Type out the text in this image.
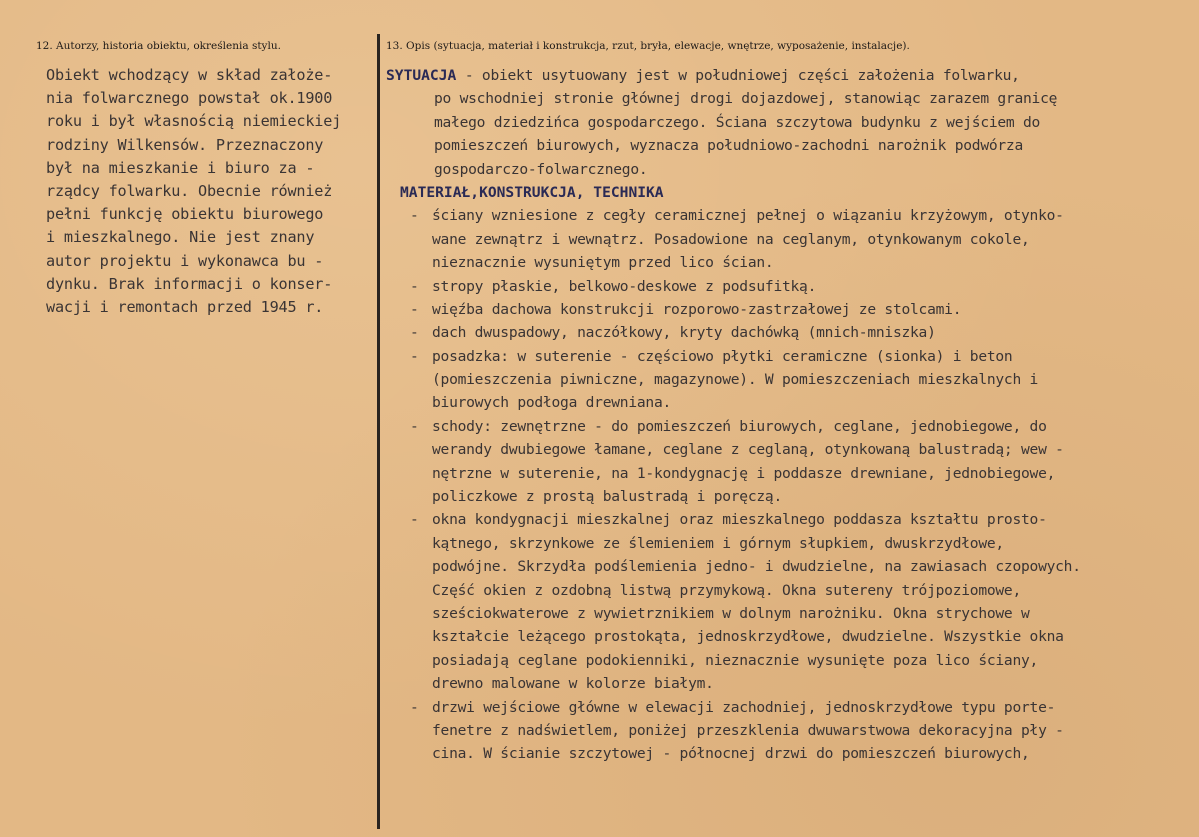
12. Autorzy, historia obiektu, określenia stylu.	13. Opis (sytuacja, materiał i konstrukcja, rzut, bryła, elewacje, wnętrze, wyposażenie, instalacje).
Obiekt wchodzący w skład założe-
nia folwarcznego powstał ok.1900
roku i był własnością niemieckiej
rodziny Wilkensów. Przeznaczony
był na mieszkanie i biuro za -
rządcy folwarku. Obecnie również
pełni funkcję obiektu biurowego
i mieszkalnego. Nie jest znany
autor projektu i wykonawca bu -
dynku. Brak informacji o konser-
wacji i remontach przed 1945 r.
SYTUACJA - obiekt usytuowany jest w południowej części założenia folwarku,
po wschodniej stronie głównej drogi dojazdowej, stanowiąc zarazem granicę
małego dziedzińca gospodarczego. Ściana szczytowa budynku z wejściem do
pomieszczeń biurowych, wyznacza południowo-zachodni narożnik podwórza
gospodarczo-folwarcznego.
MATERIAŁ,KONSTRUKCJA, TECHNIKA
- ściany wzniesione z cegły ceramicznej pełnej o wiązaniu krzyżowym, otynko-
wane zewnątrz i wewnątrz. Posadowione na ceglanym, otynkowanym cokole,
nieznacznie wysuniętym przed lico ścian.
- stropy płaskie, belkowo-deskowe z podsufitką.
- więźba dachowa konstrukcji rozporowo-zastrzałowej ze stolcami.
- dach dwuspadowy, naczółkowy, kryty dachówką (mnich-mniszka)
- posadzka: w suterenie - częściowo płytki ceramiczne (sionka) i beton
(pomieszczenia piwniczne, magazynowe). W pomieszczeniach mieszkalnych i
biurowych podłoga drewniana.
- schody: zewnętrzne - do pomieszczeń biurowych, ceglane, jednobiegowe, do
werandy dwubiegowe łamane, ceglane z ceglaną, otynkowaną balustradą; wew -
nętrzne w suterenie, na 1-kondygnację i poddasze drewniane, jednobiegowe,
policzkowe z prostą balustradą i poręczą.
- okna kondygnacji mieszkalnej oraz mieszkalnego poddasza kształtu prosto-
kątnego, skrzynkowe ze ślemieniem i górnym słupkiem, dwuskrzydłowe,
podwójne. Skrzydła podślemienia jedno- i dwudzielne, na zawiasach czopowych.
Część okien z ozdobną listwą przymykową. Okna sutereny trójpoziomowe,
sześciokwaterowe z wywietrznikiem w dolnym narożniku. Okna strychowe w
kształcie leżącego prostokąta, jednoskrzydłowe, dwudzielne. Wszystkie okna
posiadają ceglane podokienniki, nieznacznie wysunięte poza lico ściany,
drewno malowane w kolorze białym.
- drzwi wejściowe główne w elewacji zachodniej, jednoskrzydłowe typu porte-
fenetre z nadświetlem, poniżej przeszklenia dwuwarstwowa dekoracyjna pły -
cina. W ścianie szczytowej - północnej drzwi do pomieszczeń biurowych,
